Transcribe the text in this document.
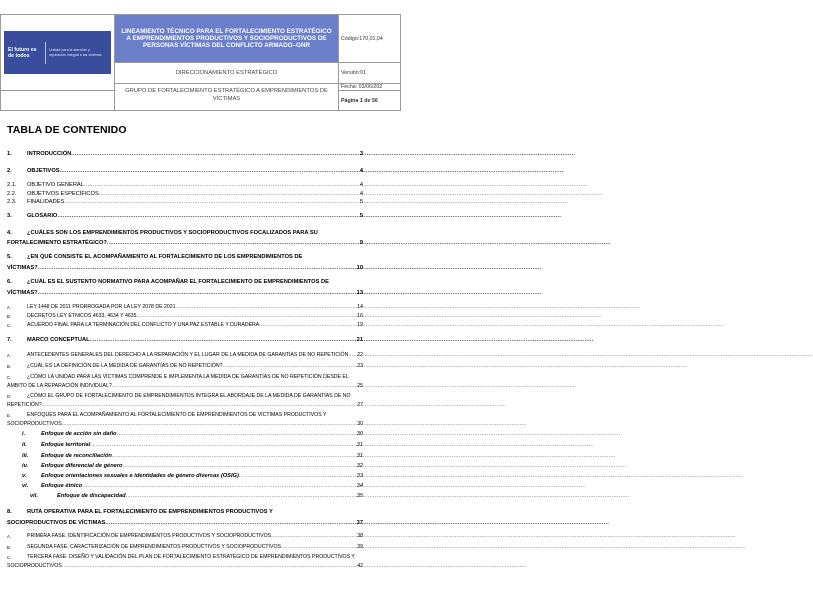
El futuro es de todos
Unidad para la atención y reparación integral a las víctimas	LINEAMIENTO TÉCNICO PARA EL FORTALECIMIENTO ESTRATÉGICO A EMPRENDIMIENTOS PRODUCTIVOS Y SOCIOPRODUCTIVOS DE PERSONAS VÍCTIMAS DEL CONFLICTO ARMADO–GNR	Código:170,01,04

	DIRECCIONAMIENTO ESTRATÉGICO	Versión:01

	GRUPO DE FORTALECIMIENTO ESTRATÉGICO A EMPRENDIMIENTOS DE VÍCTIMAS	Fecha: 03/06/202
		Página 1 de 56
TABLA DE CONTENIDO
1.	INTRODUCCIÓN .....	3
2.	OBJETIVOS .....	4
2.1.	OBJETIVO GENERAL .....	4
2.2.	OBJETIVOS ESPECÍFICOS .....	4
2.3.	FINALIDADES .....	5
3.	GLOSARIO .....	5
4.	¿CUÁLES SON LOS EMPRENDIMIENTOS PRODUCTIVOS Y SOCIOPRODUCTIVOS FOCALIZADOS PARA SU
FORTALECIMIENTO ESTRATÉGICO? .....	9
5.	¿EN QUÉ CONSISTE EL ACOMPAÑAMIENTO AL FORTALECIMIENTO DE LOS EMPRENDIMIENTOS DE
VÍCTIMAS? .....	10
6.	¿CUÁL ES EL SUSTENTO NORMATIVO PARA ACOMPAÑAR EL FORTALECIMIENTO DE EMPRENDIMIENTOS DE
VÍCTIMAS? .....	13
A.	LEY 1448 DE 2011 PRORROGADA POR LA LEY 2078 DE 2021 .....	14
B.	DECRETOS LEY ÉTNICOS 4633, 4634 Y 4635 .....	16
C.	ACUERDO FINAL PARA LA TERMINACIÓN DEL CONFLICTO Y UNA PAZ ESTABLE Y DURADERA .....	19
7.	MARCO CONCEPTUAL .....	21
A.	ANTECEDENTES GENERALES DEL DERECHO A LA REPARACIÓN Y EL LUGAR DE LA MEDIDA DE GARANTÍAS DE NO REPETICIÓN ..... 22
B.	¿CUÁL ES LA DEFINICIÓN DE LA MEDIDA DE GARANTÍAS DE NO REPETICIÓN? .....	23
C.	¿CÓMO LA UNIDAD PARA LAS VÍCTIMAS COMPRENDE E IMPLEMENTA LA MEDIDA DE GARANTÍAS DE NO REPETICIÓN DESDE EL
ÁMBITO DE LA REPARACIÓN INDIVIDUAL? .....	25
D.	¿CÓMO EL GRUPO DE FORTALECIMIENTO DE EMPRENDIMIENTOS INTEGRA EL ABORDAJE DE LA MEDIDA DE GARANTÍAS DE NO
REPETICIÓN? .....	27
E.	ENFOQUES PARA EL ACOMPAÑAMIENTO AL FORTALECIMIENTO DE EMPRENDIMIENTOS DE VÍCTIMAS PRODUCTIVOS Y
SOCIOPRODUCTIVOS .....	30
i.	Enfoque de acción sin daño .....	30
ii.	Enfoque territorial .....	31
iii.	Enfoque de reconciliación .....	31
iv.	Enfoque diferencial de género .....	32
v.	Enfoque orientaciones sexuales e identidades de género diversas (OSIG) .....	33
vi.	Enfoque étnico .....	34
vii.	Enfoque de discapacidad .....	35
8.	RUTA OPERATIVA PARA EL FORTALECIMIENTO DE EMPRENDIMIENTOS PRODUCTIVOS Y
SOCIOPRODUCTIVOS DE VÍCTIMAS .....	37
A.	PRIMERA FASE. IDENTIFICACIÓN DE EMPRENDIMIENTOS PRODUCTIVOS Y SOCIOPRODUCTIVOS .....	38
B.	SEGUNDA FASE. CARACTERIZACIÓN DE EMPRENDIMIENTOS PRODUCTIVOS Y SOCIOPRODUCTIVOS .....	39
C.	TERCERA FASE. DISEÑO Y VALIDACIÓN DEL PLAN DE FORTALECIMIENTO ESTRATÉGICO DE EMPRENDIMIENTOS PRODUCTIVOS Y
SOCIOPRODUCTIVOS .....	42
